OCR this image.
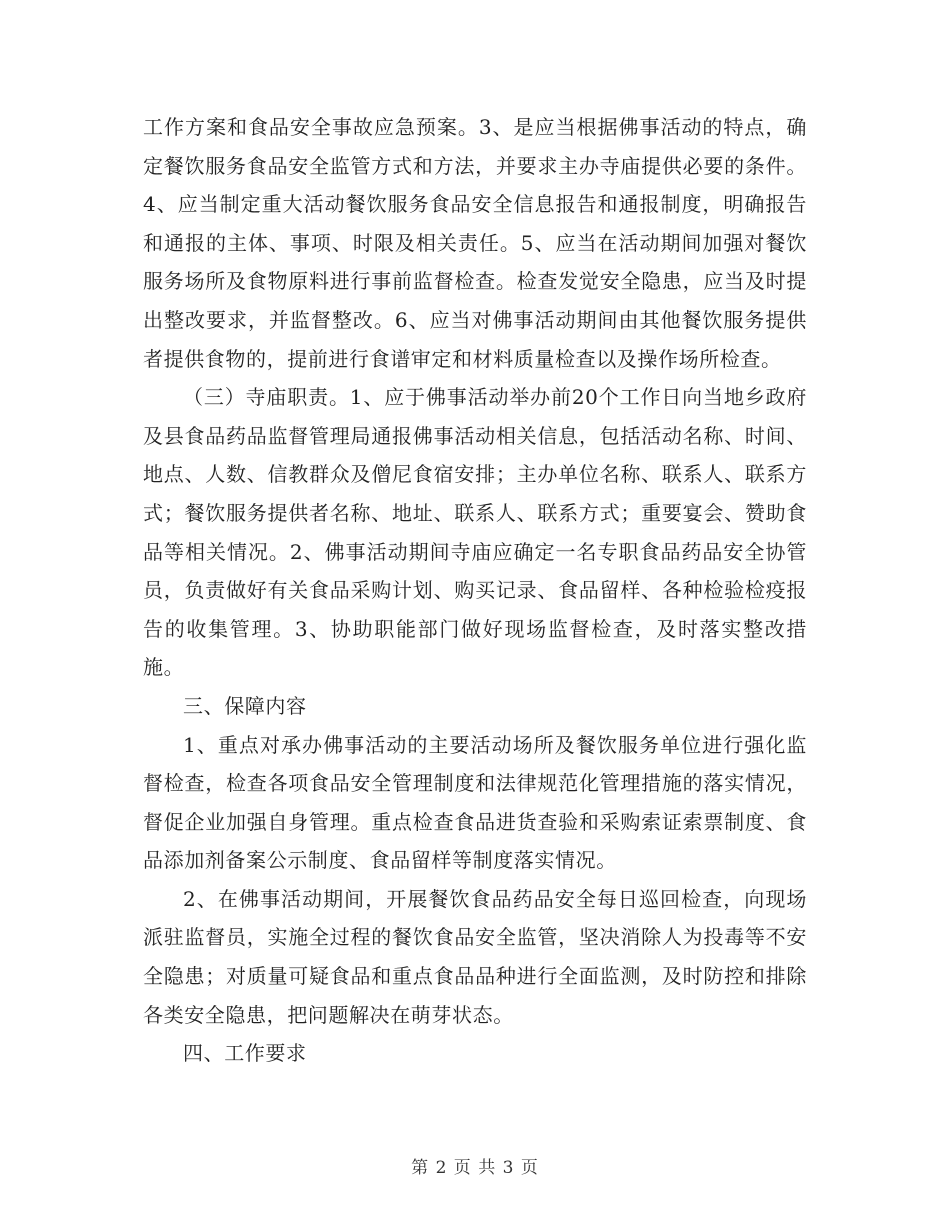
工作方案和食品安全事故应急预案。3、是应当根据佛事活动的特点，确定餐饮服务食品安全监管方式和方法，并要求主办寺庙提供必要的条件。4、应当制定重大活动餐饮服务食品安全信息报告和通报制度，明确报告和通报的主体、事项、时限及相关责任。5、应当在活动期间加强对餐饮服务场所及食物原料进行事前监督检查。检查发觉安全隐患，应当及时提出整改要求，并监督整改。6、应当对佛事活动期间由其他餐饮服务提供者提供食物的，提前进行食谱审定和材料质量检查以及操作场所检查。

（三）寺庙职责。1、应于佛事活动举办前20个工作日向当地乡政府及县食品药品监督管理局通报佛事活动相关信息，包括活动名称、时间、地点、人数、信教群众及僧尼食宿安排；主办单位名称、联系人、联系方式；餐饮服务提供者名称、地址、联系人、联系方式；重要宴会、赞助食品等相关情况。2、佛事活动期间寺庙应确定一名专职食品药品安全协管员，负责做好有关食品采购计划、购买记录、食品留样、各种检验检疫报告的收集管理。3、协助职能部门做好现场监督检查，及时落实整改措施。

三、保障内容

1、重点对承办佛事活动的主要活动场所及餐饮服务单位进行强化监督检查，检查各项食品安全管理制度和法律规范化管理措施的落实情况，督促企业加强自身管理。重点检查食品进货查验和采购索证索票制度、食品添加剂备案公示制度、食品留样等制度落实情况。

2、在佛事活动期间，开展餐饮食品药品安全每日巡回检查，向现场派驻监督员，实施全过程的餐饮食品安全监管，坚决消除人为投毒等不安全隐患；对质量可疑食品和重点食品品种进行全面监测，及时防控和排除各类安全隐患，把问题解决在萌芽状态。

四、工作要求

第 2 页 共 3 页
